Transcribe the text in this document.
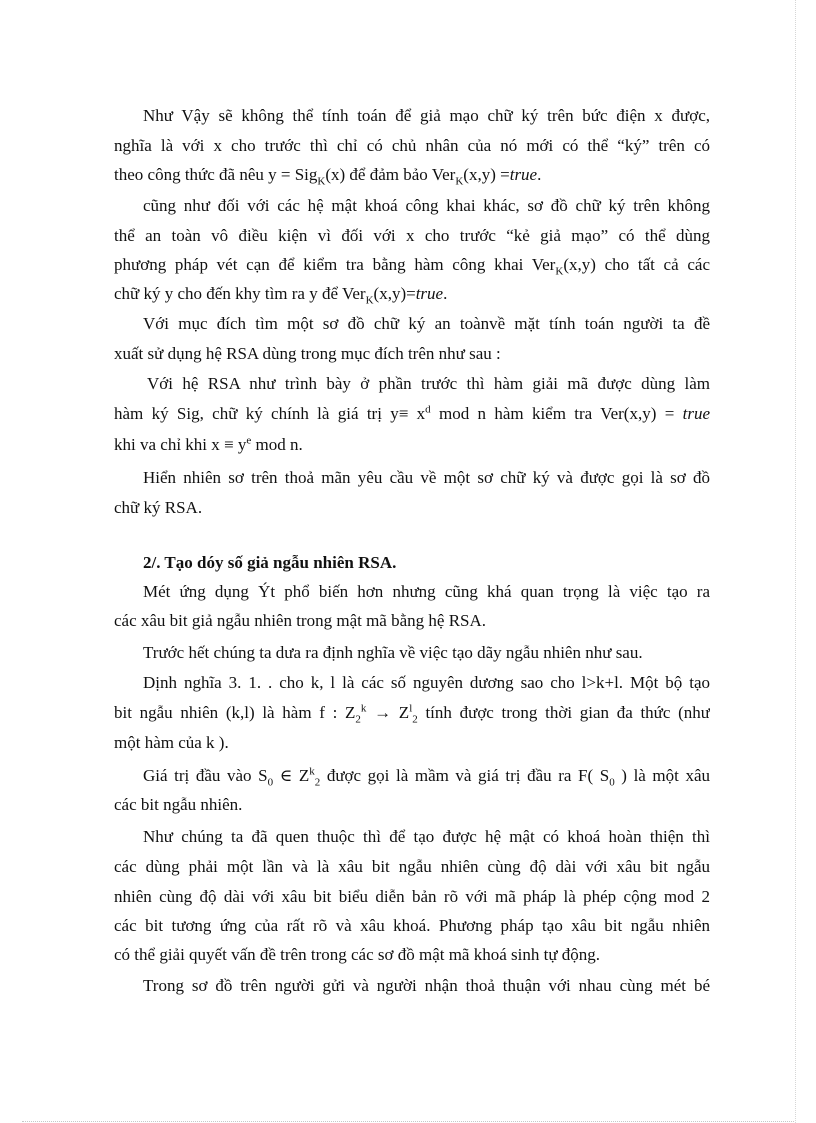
Như Vậy sẽ không thể tính toán để giả mạo chữ ký trên bức điện x được,
nghĩa là với x cho trước thì chỉ có chủ nhân của nó mới có thể “ký” trên có
theo công thức đã nêu y = Sig$_K$(x) để đảm bảo Ver$_K$(x,y) =true.
cũng như đối với các hệ mật khoá công khai khác, sơ đồ chữ ký trên không
thể an toàn vô điều kiện vì đối với x cho trước “kẻ giả mạo” có thể dùng
phương pháp vét cạn để kiểm tra bằng hàm công khai Ver$_K$(x,y) cho tất cả các
chữ ký y cho đến khy tìm ra y để Ver$_K$(x,y)=true.
Với mục đích tìm một sơ đồ chữ ký an toànvề mặt tính toán người ta đề
xuất sử dụng hệ RSA dùng trong mục đích trên như sau :
Với hệ RSA như trình bày ở phần trước thì hàm giải mã được dùng làm
hàm ký Sig, chữ ký chính là giá trị $y\equiv x^d$ mod n hàm kiểm tra Ver(x,y) = true
khi va chỉ khi $x \equiv y^e$ mod n.
Hiển nhiên sơ trên thoả mãn yêu cầu về một sơ chữ ký và được gọi là sơ đồ
chữ ký RSA.
2/. Tạo dóy số giả ngẫu nhiên RSA.
Mét ứng dụng Ýt phổ biến hơn nhưng cũng khá quan trọng là việc tạo ra
các xâu bit giả ngẫu nhiên trong mật mã bằng hệ RSA.
Trước hết chúng ta dưa ra định nghĩa về việc tạo dãy ngẫu nhiên như sau.
Dịnh nghĩa 3. 1. . cho k, l là các số nguyên dương sao cho l>k+l. Một bộ tạo
bit ngẫu nhiên (k,l) là hàm f : $Z_2^k \to Z^l_2$ tính được trong thời gian đa thức (như
một hàm của k ).
Giá trị đầu vào $S_0$ ∈ $Z^k_2$ được gọi là mầm và giá trị đầu ra F( $S_0$ ) là một xâu
các bit ngẫu nhiên.
Như chúng ta đã quen thuộc thì để tạo được hệ mật có khoá hoàn thiện thì
các dùng phải một lần và là xâu bit ngẫu nhiên cùng độ dài với xâu bit ngẫu
nhiên cùng độ dài với xâu bit biểu diễn bản rõ với mã pháp là phép cộng mod 2
các bit tương ứng của rất rõ và xâu khoá. Phương pháp tạo xâu bit ngẫu nhiên
có thể giải quyết vấn đề trên trong các sơ đồ mật mã khoá sinh tự động.
Trong sơ đồ trên người gửi và người nhận thoả thuận với nhau cùng mét bé
